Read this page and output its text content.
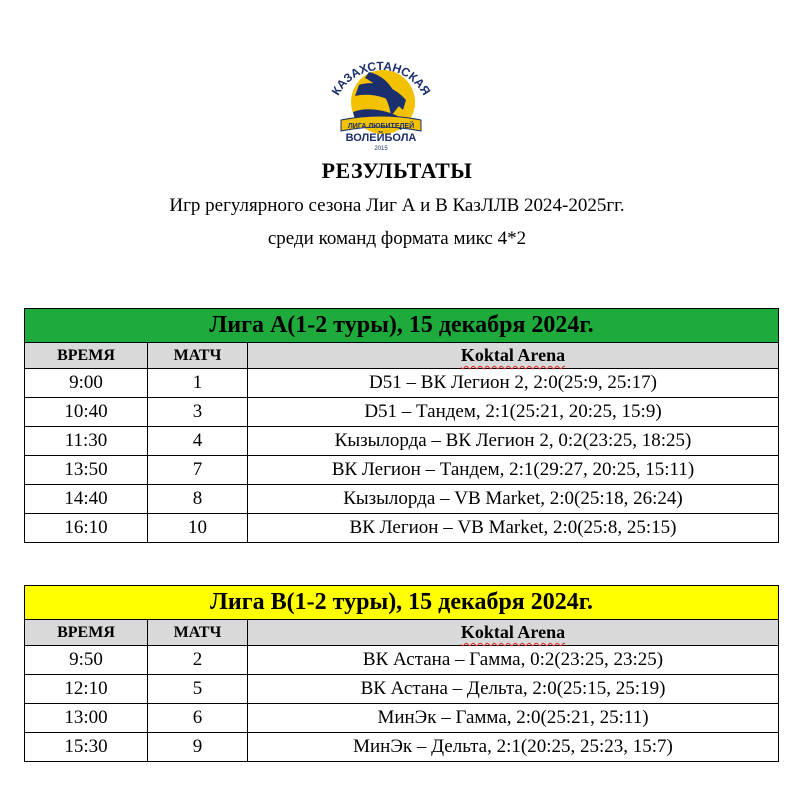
КАЗАХСТАНСКАЯ
ЛИГА ЛЮБИТЕЛЕЙ
ВОЛЕЙБОЛА
2015
РЕЗУЛЬТАТЫ
Игр регулярного сезона Лиг А и В КазЛЛВ 2024-2025гг.
среди команд формата микс 4*2
Лига А(1-2 туры), 15 декабря 2024г.		
ВРЕМЯ	МАТЧ	Koktal Arena
9:00	1	D51 – ВК Легион 2, 2:0(25:9, 25:17)
10:40	3	D51 – Тандем, 2:1(25:21, 20:25, 15:9)
11:30	4	Кызылорда – ВК Легион 2, 0:2(23:25, 18:25)
13:50	7	ВК Легион – Тандем, 2:1(29:27, 20:25, 15:11)
14:40	8	Кызылорда – VB Market, 2:0(25:18, 26:24)
16:10	10	ВК Легион – VB Market, 2:0(25:8, 25:15)
Лига В(1-2 туры), 15 декабря 2024г.		
ВРЕМЯ	МАТЧ	Koktal Arena
9:50	2	ВК Астана – Гамма, 0:2(23:25, 23:25)
12:10	5	ВК Астана – Дельта, 2:0(25:15, 25:19)
13:00	6	МинЭк – Гамма, 2:0(25:21, 25:11)
15:30	9	МинЭк – Дельта, 2:1(20:25, 25:23, 15:7)
